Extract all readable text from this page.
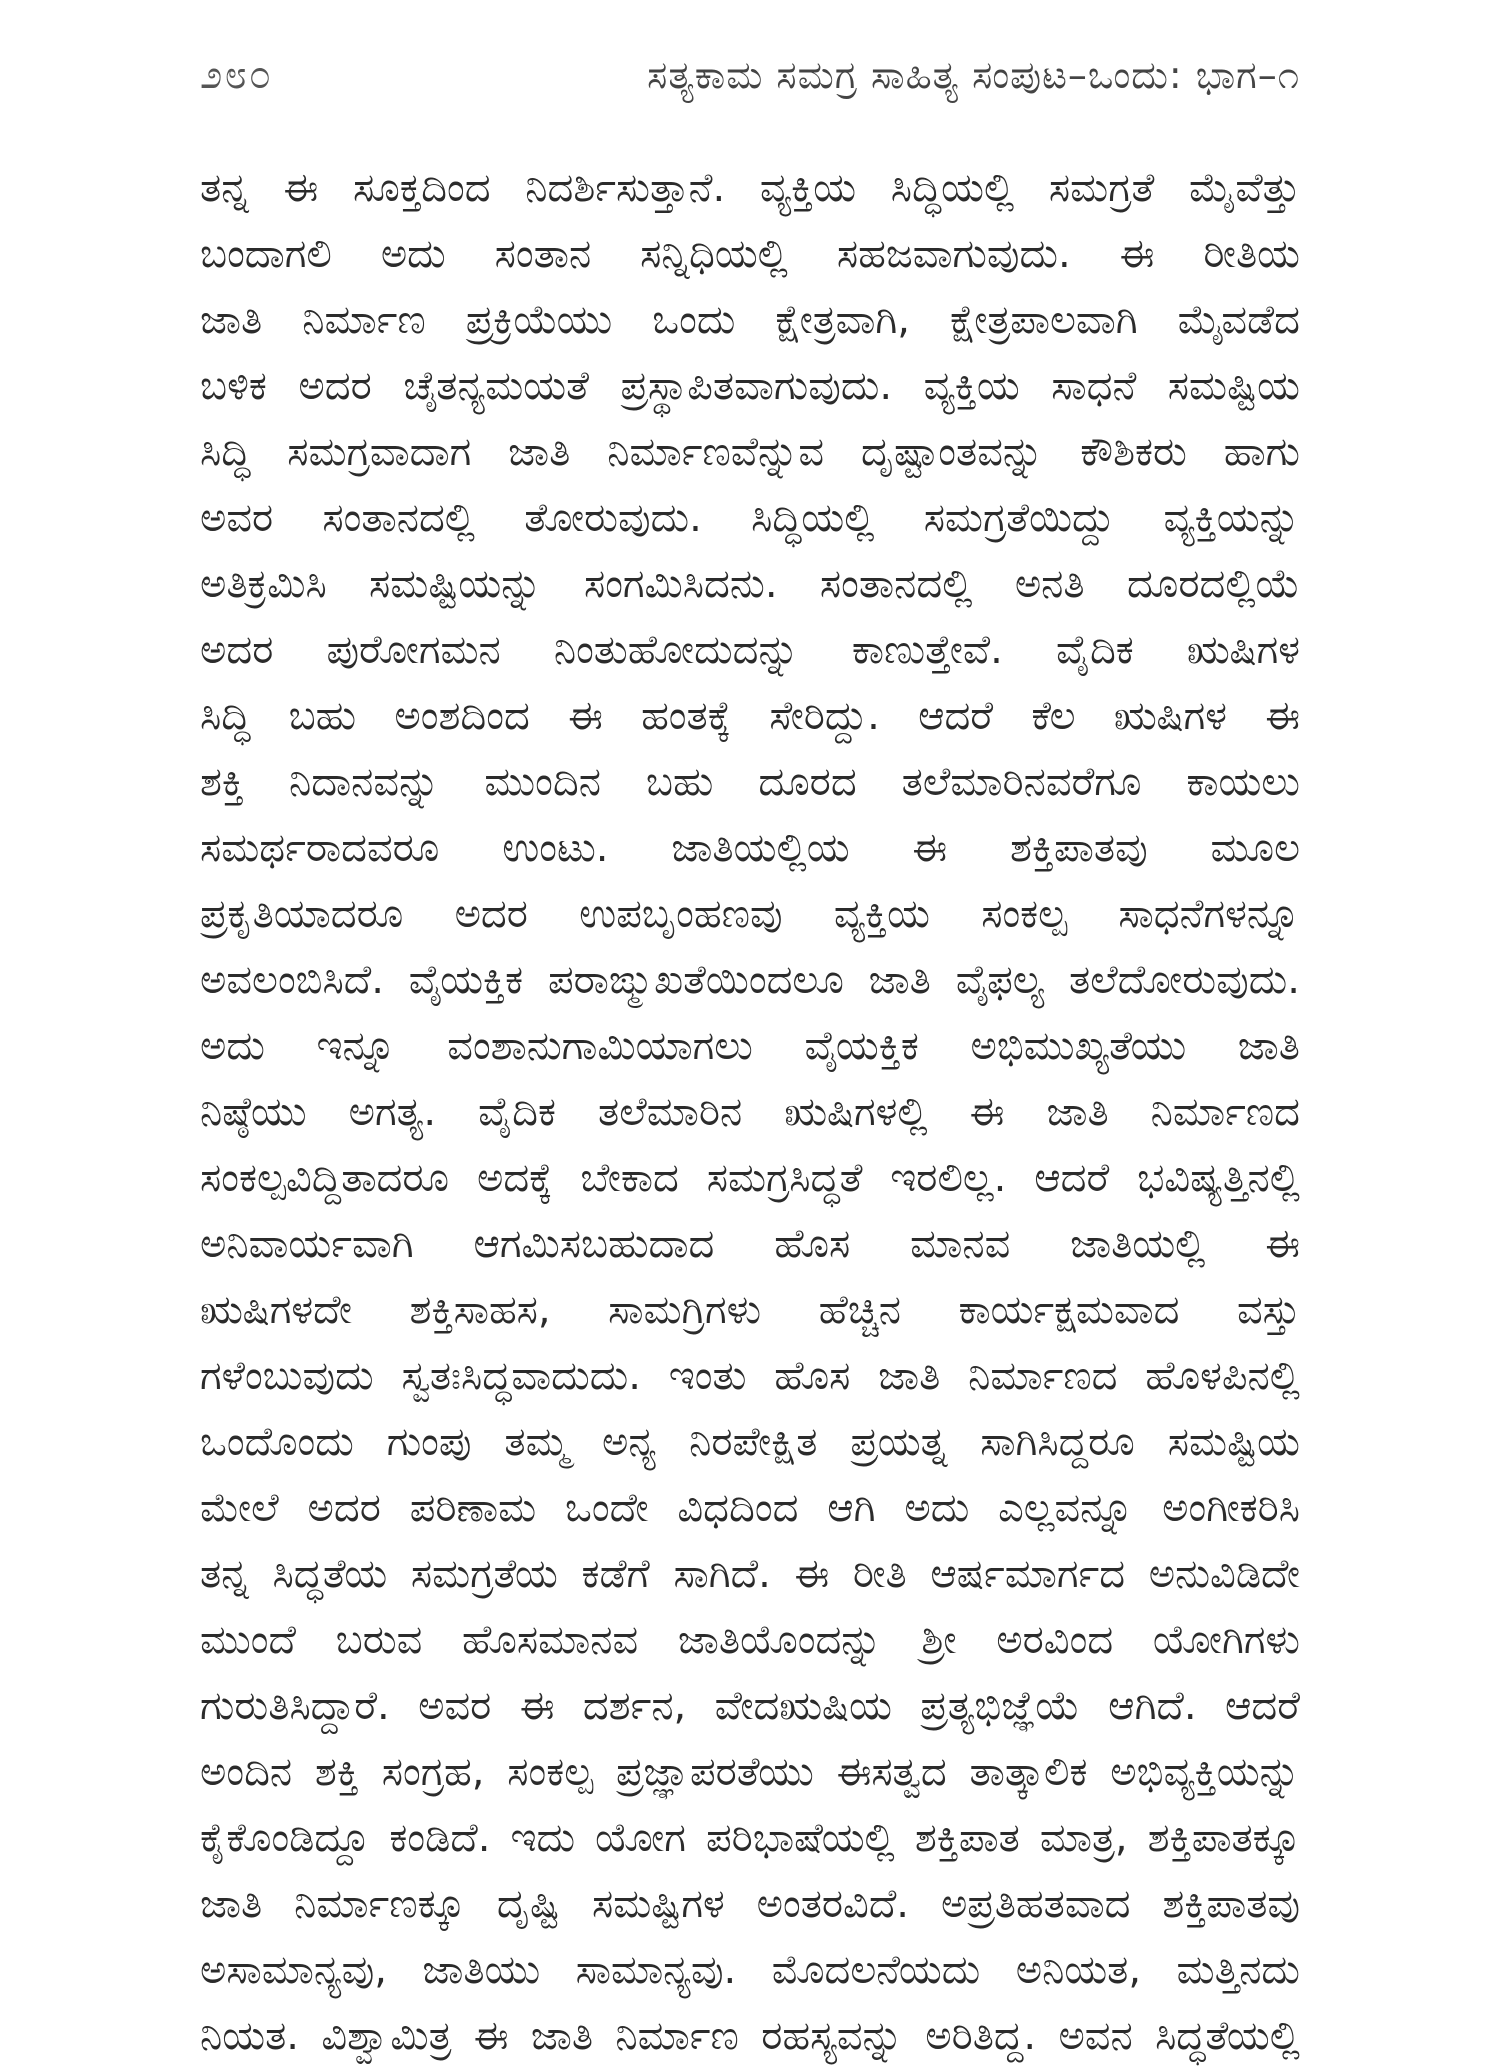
೨೮೦	ಸತ್ಯಕಾಮ ಸಮಗ್ರ ಸಾಹಿತ್ಯ ಸಂಪುಟ–ಒಂದು: ಭಾಗ–೧
ತನ್ನ ಈ ಸೂಕ್ತದಿಂದ ನಿದರ್ಶಿಸುತ್ತಾನೆ. ವ್ಯಕ್ತಿಯ ಸಿದ್ಧಿಯಲ್ಲಿ ಸಮಗ್ರತೆ ಮೈವೆತ್ತು
ಬಂದಾಗಲಿ ಅದು ಸಂತಾನ ಸನ್ನಿಧಿಯಲ್ಲಿ ಸಹಜವಾಗುವುದು. ಈ ರೀತಿಯ
ಜಾತಿ ನಿರ್ಮಾಣ ಪ್ರಕ್ರಿಯೆಯು ಒಂದು ಕ್ಷೇತ್ರವಾಗಿ, ಕ್ಷೇತ್ರಪಾಲವಾಗಿ ಮೈವಡೆದ
ಬಳಿಕ ಅದರ ಚೈತನ್ಯಮಯತೆ ಪ್ರಸ್ಥಾಪಿತವಾಗುವುದು. ವ್ಯಕ್ತಿಯ ಸಾಧನೆ ಸಮಷ್ಟಿಯ
ಸಿದ್ಧಿ ಸಮಗ್ರವಾದಾಗ ಜಾತಿ ನಿರ್ಮಾಣವೆನ್ನುವ ದೃಷ್ಟಾಂತವನ್ನು ಕೌಶಿಕರು ಹಾಗು
ಅವರ ಸಂತಾನದಲ್ಲಿ ತೋರುವುದು. ಸಿದ್ಧಿಯಲ್ಲಿ ಸಮಗ್ರತೆಯಿದ್ದು ವ್ಯಕ್ತಿಯನ್ನು
ಅತಿಕ್ರಮಿಸಿ ಸಮಷ್ಟಿಯನ್ನು ಸಂಗಮಿಸಿದನು. ಸಂತಾನದಲ್ಲಿ ಅನತಿ ದೂರದಲ್ಲಿಯೆ
ಅದರ ಪುರೋಗಮನ ನಿಂತುಹೋದುದನ್ನು ಕಾಣುತ್ತೇವೆ. ವೈದಿಕ ಋಷಿಗಳ
ಸಿದ್ಧಿ ಬಹು ಅಂಶದಿಂದ ಈ ಹಂತಕ್ಕೆ ಸೇರಿದ್ದು. ಆದರೆ ಕೆಲ ಋಷಿಗಳ ಈ
ಶಕ್ತಿ ನಿದಾನವನ್ನು ಮುಂದಿನ ಬಹು ದೂರದ ತಲೆಮಾರಿನವರೆಗೂ ಕಾಯಲು
ಸಮರ್ಥರಾದವರೂ ಉಂಟು. ಜಾತಿಯಲ್ಲಿಯ ಈ ಶಕ್ತಿಪಾತವು ಮೂಲ
ಪ್ರಕೃತಿಯಾದರೂ ಅದರ ಉಪಬೃಂಹಣವು ವ್ಯಕ್ತಿಯ ಸಂಕಲ್ಪ ಸಾಧನೆಗಳನ್ನೂ
ಅವಲಂಬಿಸಿದೆ. ವೈಯಕ್ತಿಕ ಪರಾಙ್ಮುಖತೆಯಿಂದಲೂ ಜಾತಿ ವೈಫಲ್ಯ ತಲೆದೋರುವುದು.
ಅದು ಇನ್ನೂ ವಂಶಾನುಗಾಮಿಯಾಗಲು ವೈಯಕ್ತಿಕ ಅಭಿಮುಖ್ಯತೆಯು ಜಾತಿ
ನಿಷ್ಠೆಯು ಅಗತ್ಯ. ವೈದಿಕ ತಲೆಮಾರಿನ ಋಷಿಗಳಲ್ಲಿ ಈ ಜಾತಿ ನಿರ್ಮಾಣದ
ಸಂಕಲ್ಪವಿದ್ದಿತಾದರೂ ಅದಕ್ಕೆ ಬೇಕಾದ ಸಮಗ್ರಸಿದ್ಧತೆ ಇರಲಿಲ್ಲ. ಆದರೆ ಭವಿಷ್ಯತ್ತಿನಲ್ಲಿ
ಅನಿವಾರ್ಯವಾಗಿ ಆಗಮಿಸಬಹುದಾದ ಹೊಸ ಮಾನವ ಜಾತಿಯಲ್ಲಿ ಈ
ಋಷಿಗಳದೇ ಶಕ್ತಿಸಾಹಸ, ಸಾಮಗ್ರಿಗಳು ಹೆಚ್ಚಿನ ಕಾರ್ಯಕ್ಷಮವಾದ ವಸ್ತು
ಗಳೆಂಬುವುದು ಸ್ವತಃಸಿದ್ಧವಾದುದು. ಇಂತು ಹೊಸ ಜಾತಿ ನಿರ್ಮಾಣದ ಹೊಳಪಿನಲ್ಲಿ
ಒಂದೊಂದು ಗುಂಪು ತಮ್ಮ ಅನ್ಯ ನಿರಪೇಕ್ಷಿತ ಪ್ರಯತ್ನ ಸಾಗಿಸಿದ್ದರೂ ಸಮಷ್ಟಿಯ
ಮೇಲೆ ಅದರ ಪರಿಣಾಮ ಒಂದೇ ವಿಧದಿಂದ ಆಗಿ ಅದು ಎಲ್ಲವನ್ನೂ ಅಂಗೀಕರಿಸಿ
ತನ್ನ ಸಿದ್ಧತೆಯ ಸಮಗ್ರತೆಯ ಕಡೆಗೆ ಸಾಗಿದೆ. ಈ ರೀತಿ ಆರ್ಷಮಾರ್ಗದ ಅನುವಿಡಿದೇ
ಮುಂದೆ ಬರುವ ಹೊಸಮಾನವ ಜಾತಿಯೊಂದನ್ನು ಶ್ರೀ ಅರವಿಂದ ಯೋಗಿಗಳು
ಗುರುತಿಸಿದ್ದಾರೆ. ಅವರ ಈ ದರ್ಶನ, ವೇದಋಷಿಯ ಪ್ರತ್ಯಭಿಜ್ಞೆಯೆ ಆಗಿದೆ. ಆದರೆ
ಅಂದಿನ ಶಕ್ತಿ ಸಂಗ್ರಹ, ಸಂಕಲ್ಪ ಪ್ರಜ್ಞಾಪರತೆಯು ಈಸತ್ವದ ತಾತ್ಕಾಲಿಕ ಅಭಿವ್ಯಕ್ತಿಯನ್ನು
ಕೈಕೊಂಡಿದ್ದೂ ಕಂಡಿದೆ. ಇದು ಯೋಗ ಪರಿಭಾಷೆಯಲ್ಲಿ ಶಕ್ತಿಪಾತ ಮಾತ್ರ, ಶಕ್ತಿಪಾತಕ್ಕೂ
ಜಾತಿ ನಿರ್ಮಾಣಕ್ಕೂ ದೃಷ್ಟಿ ಸಮಷ್ಟಿಗಳ ಅಂತರವಿದೆ. ಅಪ್ರತಿಹತವಾದ ಶಕ್ತಿಪಾತವು
ಅಸಾಮಾನ್ಯವು, ಜಾತಿಯು ಸಾಮಾನ್ಯವು. ಮೊದಲನೆಯದು ಅನಿಯತ, ಮತ್ತಿನದು
ನಿಯತ. ವಿಶ್ವಾಮಿತ್ರ ಈ ಜಾತಿ ನಿರ್ಮಾಣ ರಹಸ್ಯವನ್ನು ಅರಿತಿದ್ದ. ಅವನ ಸಿದ್ಧತೆಯಲ್ಲಿ
